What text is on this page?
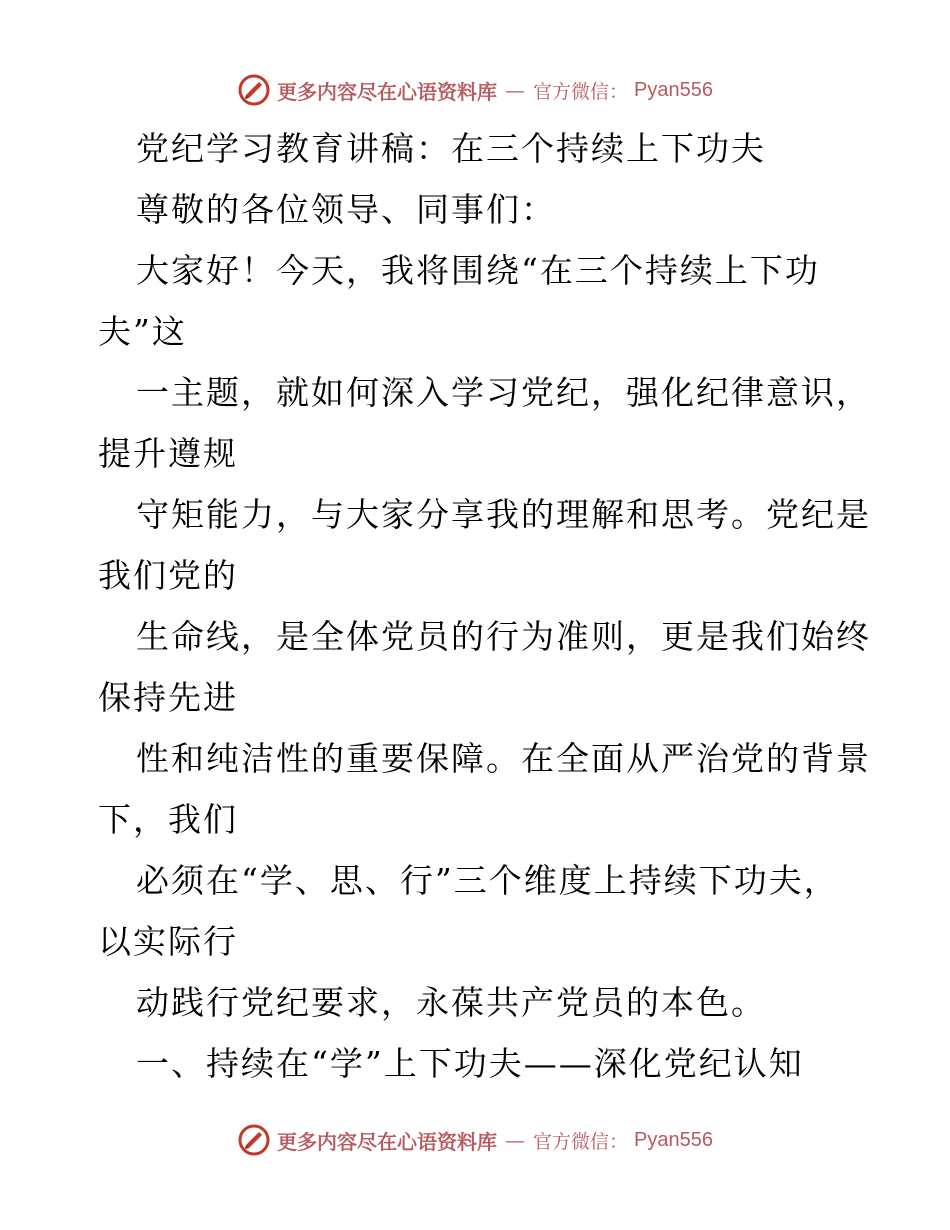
更多内容尽在心语资料库 — 官方微信： Pyan556
党纪学习教育讲稿：在三个持续上下功夫
尊敬的各位领导、同事们：
大家好！今天，我将围绕“在三个持续上下功
夫”这
一主题，就如何深入学习党纪，强化纪律意识，
提升遵规
守矩能力，与大家分享我的理解和思考。党纪是
我们党的
生命线，是全体党员的行为准则，更是我们始终
保持先进
性和纯洁性的重要保障。在全面从严治党的背景
下，我们
必须在“学、思、行”三个维度上持续下功夫，
以实际行
动践行党纪要求，永葆共产党员的本色。
一、持续在“学”上下功夫——深化党纪认知
更多内容尽在心语资料库 — 官方微信： Pyan556
